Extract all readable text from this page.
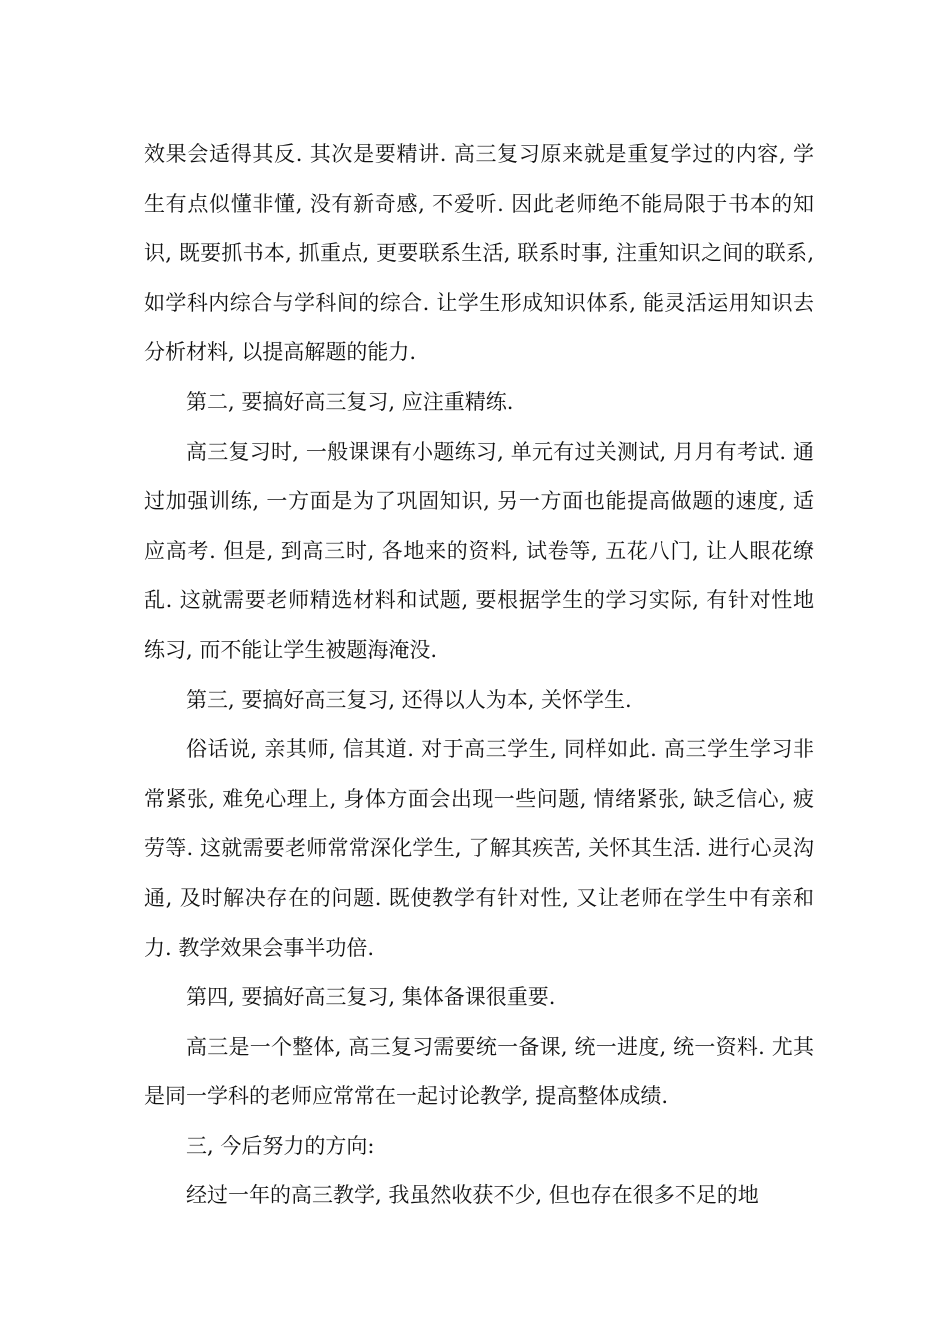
效果会适得其反. 其次是要精讲. 高三复习原来就是重复学过的内容, 学生有点似懂非懂, 没有新奇感, 不爱听. 因此老师绝不能局限于书本的知识, 既要抓书本, 抓重点, 更要联系生活, 联系时事, 注重知识之间的联系, 如学科内综合与学科间的综合. 让学生形成知识体系, 能灵活运用知识去分析材料, 以提高解题的能力.

第二, 要搞好高三复习, 应注重精练.

高三复习时, 一般课课有小题练习, 单元有过关测试, 月月有考试. 通过加强训练, 一方面是为了巩固知识, 另一方面也能提高做题的速度, 适应高考. 但是, 到高三时, 各地来的资料, 试卷等, 五花八门, 让人眼花缭乱. 这就需要老师精选材料和试题, 要根据学生的学习实际, 有针对性地练习, 而不能让学生被题海淹没.

第三, 要搞好高三复习, 还得以人为本, 关怀学生.

俗话说, 亲其师, 信其道. 对于高三学生, 同样如此. 高三学生学习非常紧张, 难免心理上, 身体方面会出现一些问题, 情绪紧张, 缺乏信心, 疲劳等. 这就需要老师常常深化学生, 了解其疾苦, 关怀其生活. 进行心灵沟通, 及时解决存在的问题. 既使教学有针对性, 又让老师在学生中有亲和力. 教学效果会事半功倍.

第四, 要搞好高三复习, 集体备课很重要.

高三是一个整体, 高三复习需要统一备课, 统一进度, 统一资料. 尤其是同一学科的老师应常常在一起讨论教学, 提高整体成绩.

三, 今后努力的方向:

经过一年的高三教学, 我虽然收获不少, 但也存在很多不足的地
